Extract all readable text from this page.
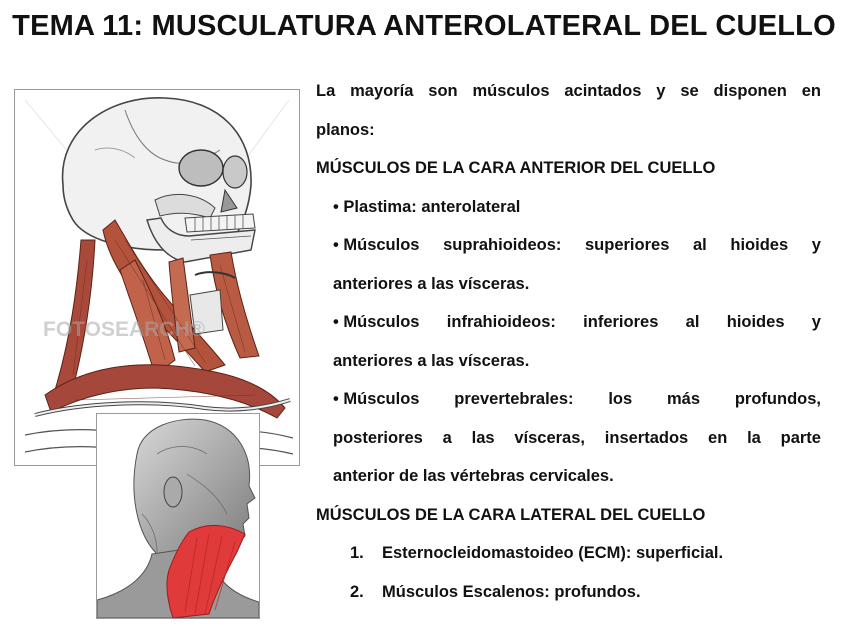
TEMA 11: MUSCULATURA ANTEROLATERAL DEL CUELLO
FOTOSEARCH®
La mayoría son músculos acintados y se disponen en
planos:
MÚSCULOS DE LA CARA ANTERIOR DEL CUELLO
• Plastima: anterolateral
• Músculos suprahioideos: superiores al hioides y
anteriores a las vísceras.
• Músculos infrahioideos: inferiores al hioides y
anteriores a las vísceras.
• Músculos prevertebrales: los más profundos,
posteriores a las vísceras, insertados en la parte
anterior de las vértebras cervicales.
MÚSCULOS DE LA CARA LATERAL DEL CUELLO
1. Esternocleidomastoideo (ECM): superficial.
2. Músculos Escalenos: profundos.
